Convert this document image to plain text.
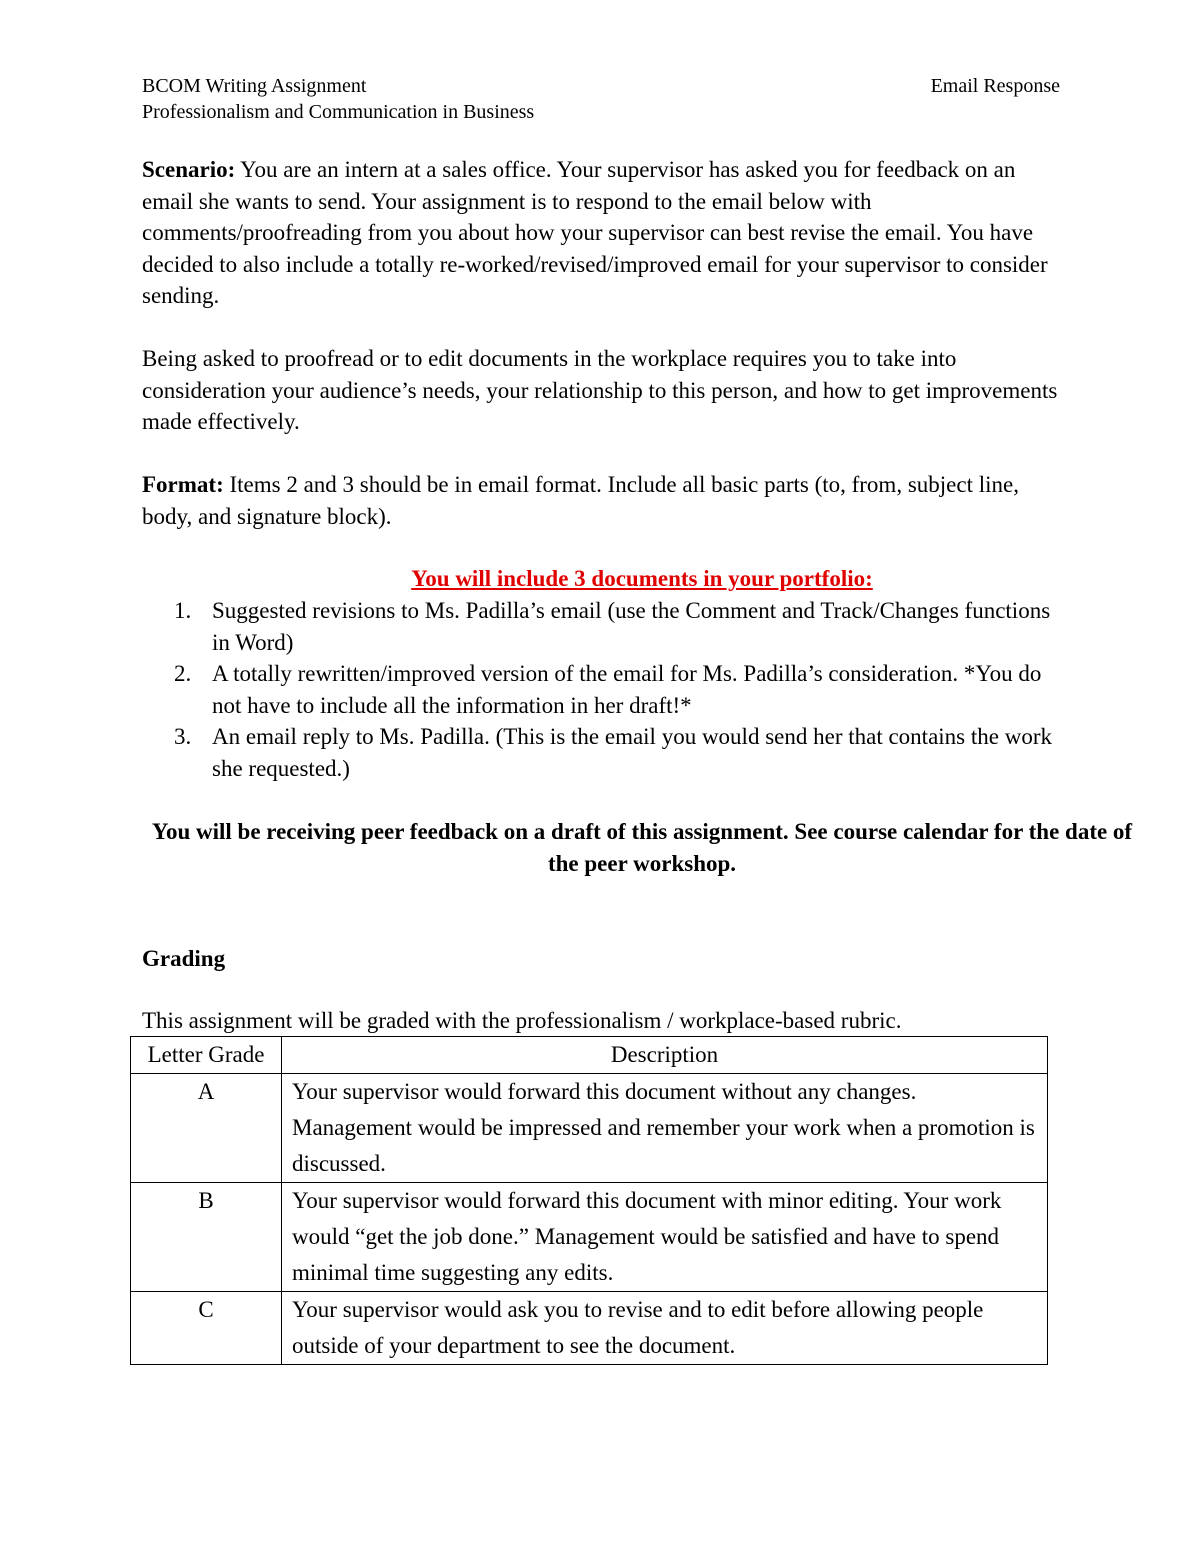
BCOM Writing Assignment	Email Response
Professionalism and Communication in Business

Scenario: You are an intern at a sales office. Your supervisor has asked you for feedback on an email she wants to send. Your assignment is to respond to the email below with comments/proofreading from you about how your supervisor can best revise the email. You have decided to also include a totally re-worked/revised/improved email for your supervisor to consider sending.

Being asked to proofread or to edit documents in the workplace requires you to take into consideration your audience’s needs, your relationship to this person, and how to get improvements made effectively.

Format: Items 2 and 3 should be in email format. Include all basic parts (to, from, subject line, body, and signature block).

You will include 3 documents in your portfolio:
1. Suggested revisions to Ms. Padilla’s email (use the Comment and Track/Changes functions in Word)
2. A totally rewritten/improved version of the email for Ms. Padilla’s consideration. *You do not have to include all the information in her draft!*
3. An email reply to Ms. Padilla. (This is the email you would send her that contains the work she requested.)
You will be receiving peer feedback on a draft of this assignment. See course calendar for the date of the peer workshop.
Grading
This assignment will be graded with the professionalism / workplace-based rubric.
Letter Grade	Description
A	Your supervisor would forward this document without any changes. Management would be impressed and remember your work when a promotion is discussed.
B	Your supervisor would forward this document with minor editing. Your work would “get the job done.” Management would be satisfied and have to spend minimal time suggesting any edits.
C	Your supervisor would ask you to revise and to edit before allowing people outside of your department to see the document.
